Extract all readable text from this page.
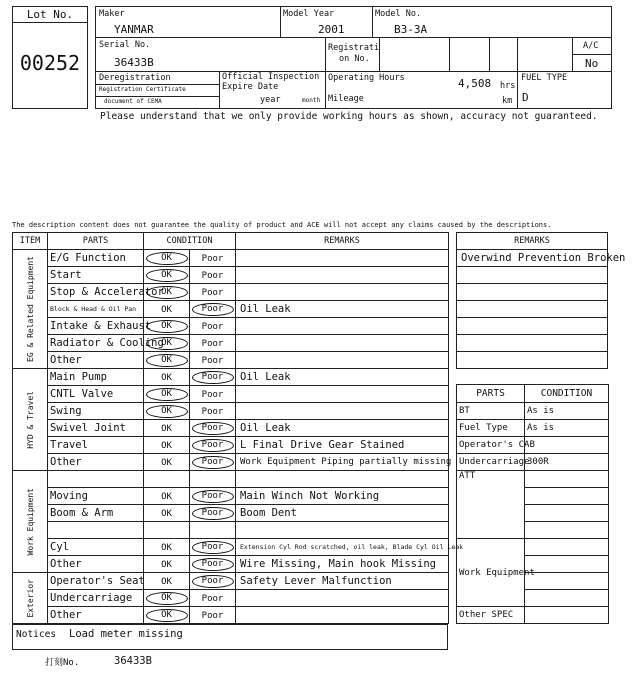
Lot No.
00252
Maker
YANMAR
Model Year
2001
Model No.
B3-3A
Serial No.
36433B
Registrati
on No.
A/C
No
Deregistration
Registration Certificate
document of CEMA
Official Inspection
Expire Date
year	month
Operating Hours	4,508 hrs
Mileage	km
FUEL TYPE
D
Please understand that we only provide working hours as shown, accuracy not guaranteed.
The description content does not guarantee the quality of product and ACE will not accept any claims caused by the descriptions.
ITEM	PARTS	CONDITION		REMARKS

EG & Related Equipment	E/G Function	OK	Poor	
	Start	OK	Poor	
	Stop & Accelerator	OK	Poor	
	Block & Head & Oil Pan	OK	Poor	Oil Leak
	Intake & Exhaust	OK	Poor	
	Radiator & Cooling	OK	Poor	
	Other	OK	Poor	

HYD & Travel	Main Pump	OK	Poor	Oil Leak
	CNTL Valve	OK	Poor	
	Swing	OK	Poor	
	Swivel Joint	OK	Poor	Oil Leak
	Travel	OK	Poor	L Final Drive Gear Stained
	Other	OK	Poor	Work Equipment Piping partially missing

Work Equipment				

	Moving	OK	Poor	Main Winch Not Working
	Boom & Arm	OK	Poor	Boom Dent

	Cyl	OK	Poor	Extension Cyl Rod scratched, oil leak, Blade Cyl Oil Leak
	Other	OK	Poor	Wire Missing, Main hook Missing

Exterior	Operator's Seat	OK	Poor	Safety Lever Malfunction
	Undercarriage	OK	Poor	
	Other	OK	Poor	
Notices Load meter missing
打刻No.	36433B
REMARKS
Overwind Prevention Broken

PARTS	CONDITION
BT	As is
Fuel Type	As is
Operator's CAB	
Undercarriage	300R
ATT	

Work Equipment	

Other SPEC	
